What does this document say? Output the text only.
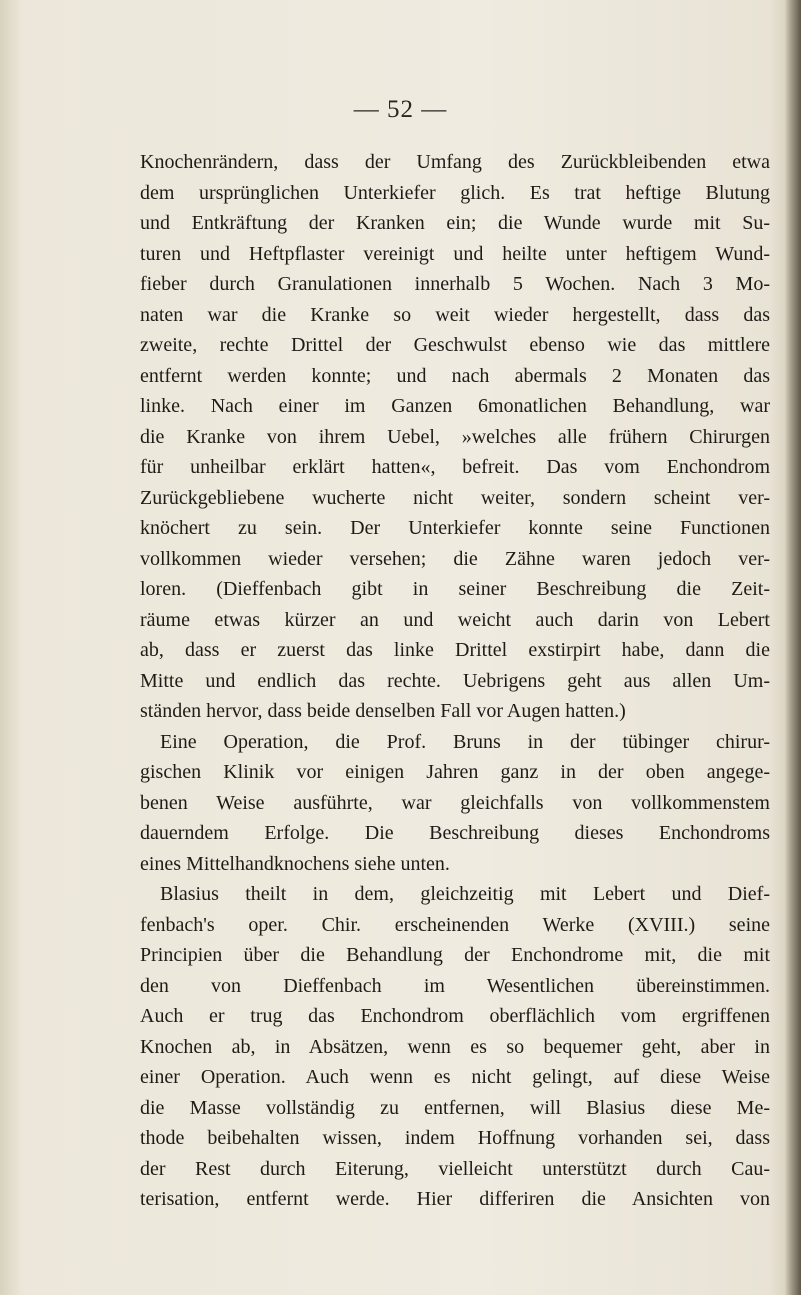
— 52 —
Knochenrändern, dass der Umfang des Zurückbleibenden etwa
dem ursprünglichen Unterkiefer glich. Es trat heftige Blutung
und Entkräftung der Kranken ein; die Wunde wurde mit Su-
turen und Heftpflaster vereinigt und heilte unter heftigem Wund-
fieber durch Granulationen innerhalb 5 Wochen. Nach 3 Mo-
naten war die Kranke so weit wieder hergestellt, dass das
zweite, rechte Drittel der Geschwulst ebenso wie das mittlere
entfernt werden konnte; und nach abermals 2 Monaten das
linke. Nach einer im Ganzen 6monatlichen Behandlung, war
die Kranke von ihrem Uebel, »welches alle frühern Chirurgen
für unheilbar erklärt hatten«, befreit. Das vom Enchondrom
Zurückgebliebene wucherte nicht weiter, sondern scheint ver-
knöchert zu sein. Der Unterkiefer konnte seine Functionen
vollkommen wieder versehen; die Zähne waren jedoch ver-
loren. (Dieffenbach gibt in seiner Beschreibung die Zeit-
räume etwas kürzer an und weicht auch darin von Lebert
ab, dass er zuerst das linke Drittel exstirpirt habe, dann die
Mitte und endlich das rechte. Uebrigens geht aus allen Um-
ständen hervor, dass beide denselben Fall vor Augen hatten.)
Eine Operation, die Prof. Bruns in der tübinger chirur-
gischen Klinik vor einigen Jahren ganz in der oben angege-
benen Weise ausführte, war gleichfalls von vollkommenstem
dauerndem Erfolge. Die Beschreibung dieses Enchondroms
eines Mittelhandknochens siehe unten.
Blasius theilt in dem, gleichzeitig mit Lebert und Dief-
fenbach's oper. Chir. erscheinenden Werke (XVIII.) seine
Principien über die Behandlung der Enchondrome mit, die mit
den von Dieffenbach im Wesentlichen übereinstimmen.
Auch er trug das Enchondrom oberflächlich vom ergriffenen
Knochen ab, in Absätzen, wenn es so bequemer geht, aber in
einer Operation. Auch wenn es nicht gelingt, auf diese Weise
die Masse vollständig zu entfernen, will Blasius diese Me-
thode beibehalten wissen, indem Hoffnung vorhanden sei, dass
der Rest durch Eiterung, vielleicht unterstützt durch Cau-
terisation, entfernt werde. Hier differiren die Ansichten von
